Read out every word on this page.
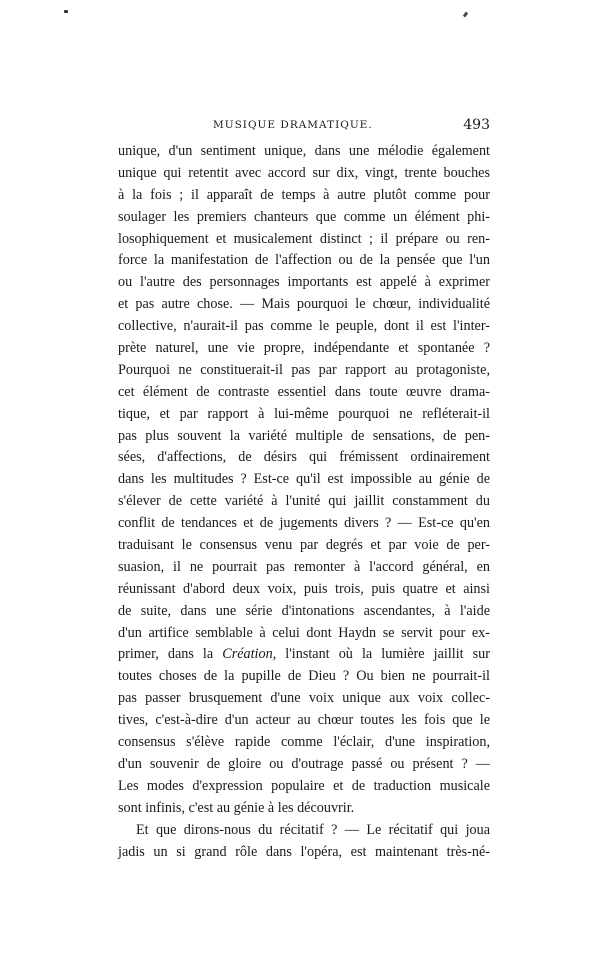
MUSIQUE DRAMATIQUE.	493
unique, d'un sentiment unique, dans une mélodie également
unique qui retentit avec accord sur dix, vingt, trente bouches
à la fois ; il apparaît de temps à autre plutôt comme pour
soulager les premiers chanteurs que comme un élément phi-
losophiquement et musicalement distinct ; il prépare ou ren-
force la manifestation de l'affection ou de la pensée que l'un
ou l'autre des personnages importants est appelé à exprimer
et pas autre chose. — Mais pourquoi le chœur, individualité
collective, n'aurait-il pas comme le peuple, dont il est l'inter-
prète naturel, une vie propre, indépendante et spontanée ?
Pourquoi ne constituerait-il pas par rapport au protagoniste,
cet élément de contraste essentiel dans toute œuvre drama-
tique, et par rapport à lui-même pourquoi ne refléterait-il
pas plus souvent la variété multiple de sensations, de pen-
sées, d'affections, de désirs qui frémissent ordinairement
dans les multitudes ? Est-ce qu'il est impossible au génie de
s'élever de cette variété à l'unité qui jaillit constamment du
conflit de tendances et de jugements divers ? — Est-ce qu'en
traduisant le consensus venu par degrés et par voie de per-
suasion, il ne pourrait pas remonter à l'accord général, en
réunissant d'abord deux voix, puis trois, puis quatre et ainsi
de suite, dans une série d'intonations ascendantes, à l'aide
d'un artifice semblable à celui dont Haydn se servit pour ex-
primer, dans la Création, l'instant où la lumière jaillit sur
toutes choses de la pupille de Dieu ? Ou bien ne pourrait-il
pas passer brusquement d'une voix unique aux voix collec-
tives, c'est-à-dire d'un acteur au chœur toutes les fois que le
consensus s'élève rapide comme l'éclair, d'une inspiration,
d'un souvenir de gloire ou d'outrage passé ou présent ? —
Les modes d'expression populaire et de traduction musicale
sont infinis, c'est au génie à les découvrir.
Et que dirons-nous du récitatif ? — Le récitatif qui joua
jadis un si grand rôle dans l'opéra, est maintenant très-né-
